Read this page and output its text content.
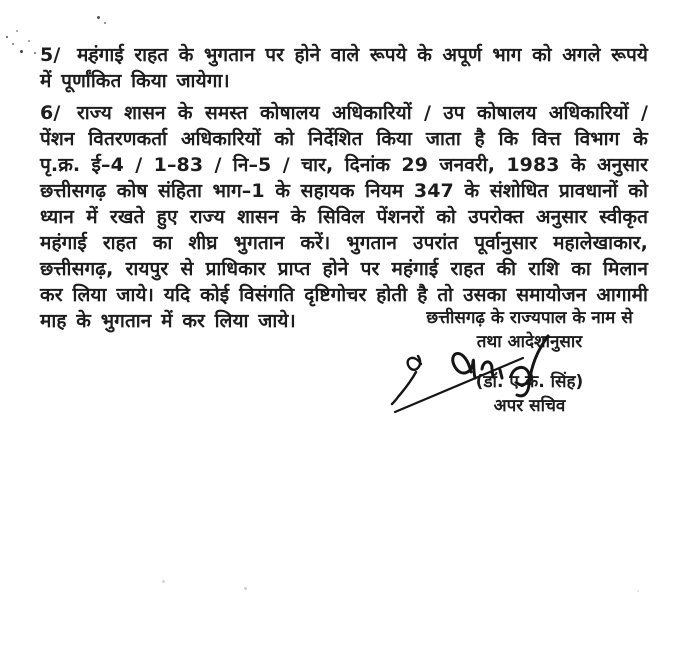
5/ महंगाई राहत के भुगतान पर होने वाले रूपये के अपूर्ण भाग को अगले रूपये में पूर्णांकित किया जायेगा।

6/ राज्य शासन के समस्त कोषालय अधिकारियों / उप कोषालय अधिकारियों / पेंशन वितरणकर्ता अधिकारियों को निर्देशित किया जाता है कि वित्त विभाग के पृ.क्र. ई–4 / 1–83 / नि–5 / चार, दिनांक 29 जनवरी, 1983 के अनुसार छत्तीसगढ़ कोष संहिता भाग–1 के सहायक नियम 347 के संशोधित प्रावधानों को ध्यान में रखते हुए राज्य शासन के सिविल पेंशनरों को उपरोक्त अनुसार स्वीकृत महंगाई राहत का शीघ्र भुगतान करें। भुगतान उपरांत पूर्वानुसार महालेखाकार, छत्तीसगढ़, रायपुर से प्राधिकार प्राप्त होने पर महंगाई राहत की राशि का मिलान कर लिया जाये। यदि कोई विसंगति दृष्टिगोचर होती है तो उसका समायोजन आगामी माह के भुगतान में कर लिया जाये।	छत्तीसगढ़ के राज्यपाल के नाम से
तथा आदेशानुसार
(डॉ. ए.के. सिंह)
अपर सचिव
